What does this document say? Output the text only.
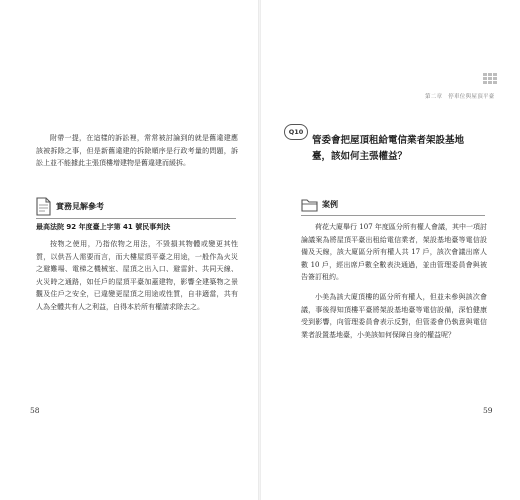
附帶一提，在這樣的訴訟裡，常常被討論到的就是舊違建應該被拆除之事，但是新舊違建的拆除順序是行政考量的問題，訴訟上並不能據此主張頂樓增建物是舊違建而緩拆。

實務見解參考
最高法院 92 年度臺上字第 41 號民事判決

按物之使用，乃指依物之用法，不毀損其物體或變更其性質，以供吾人需要而言，而大樓屋頂平臺之用途，一般作為火災之避難場、電梯之機械室、屋頂之出入口、避雷針、共同天線、火災時之通路，如任戶的屋頂平臺加蓋建物，影響全建築物之景觀及住戶之安全，已違變更屋頂之用途或性質，自非適當，共有人為全體共有人之利益，自得本於所有權請求除去之。

58
第二章　停車位與屋頂平臺
Q10
管委會把屋頂租給電信業者架設基地臺，該如何主張權益？
案例

荷花大廈舉行 107 年度區分所有權人會議，其中一項討論議案為將屋頂平臺出租給電信業者，架設基地臺等電信設備及天線，該大廈區分所有權人共 17 戶，該次會議出席人數 10 戶，經出席戶數全數表決通過，並由管理委員會與被告簽訂租約。

小美為該大廈頂樓的區分所有權人，但並未參與該次會議，事後得知頂樓平臺將架設基地臺等電信設備，深怕健康受到影響，向管理委員會表示反對，但管委會仍執意與電信業者設置基地臺，小美該如何保障自身的權益呢？

59
